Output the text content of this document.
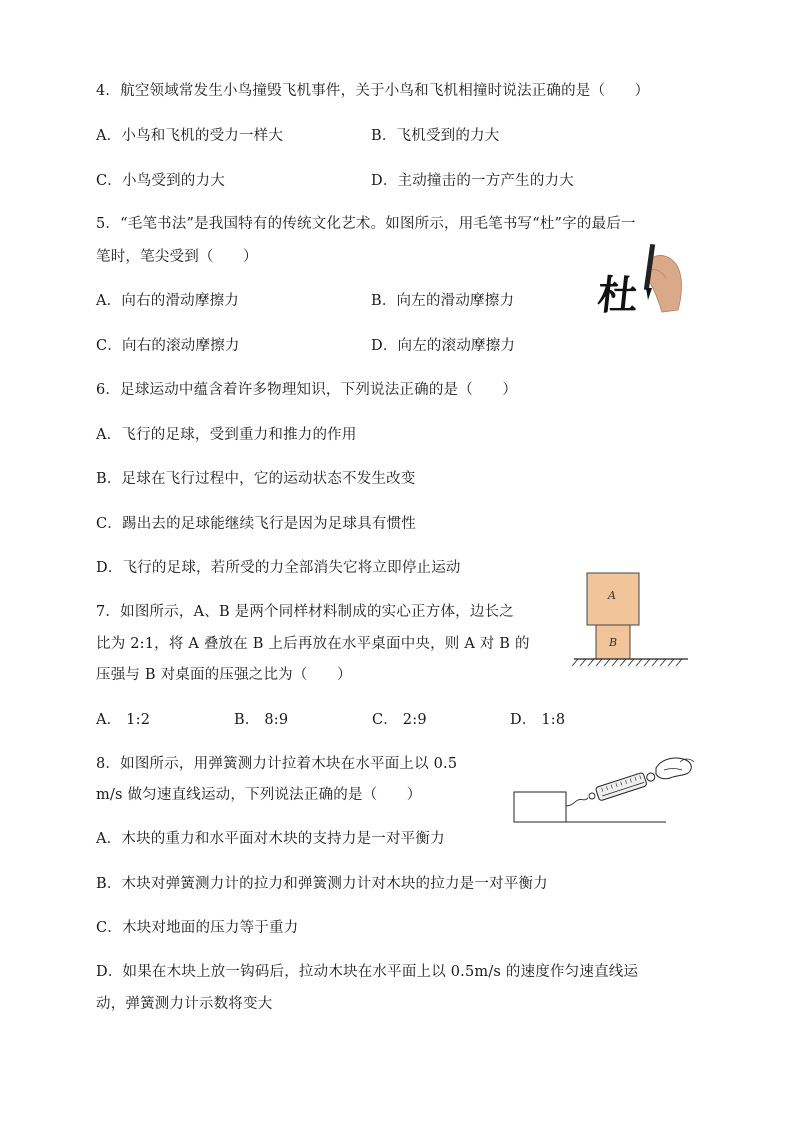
4．航空领域常发生小鸟撞毁飞机事件，关于小鸟和飞机相撞时说法正确的是（　　）
A．小鸟和飞机的受力一样大	B．飞机受到的力大
C．小鸟受到的力大	D．主动撞击的一方产生的力大
5．“毛笔书法”是我国特有的传统文化艺术。如图所示，用毛笔书写“杜”字的最后一
笔时，笔尖受到（　　）
A．向右的滑动摩擦力	B．向左的滑动摩擦力
C．向右的滚动摩擦力	D．向左的滚动摩擦力
杜
6．足球运动中蕴含着许多物理知识，下列说法正确的是（　　）
A．飞行的足球，受到重力和推力的作用
B．足球在飞行过程中，它的运动状态不发生改变
C．踢出去的足球能继续飞行是因为足球具有惯性
D．飞行的足球，若所受的力全部消失它将立即停止运动
7．如图所示，A、B 是两个同样材料制成的实心正方体，边长之
比为 2:1，将 A 叠放在 B 上后再放在水平桌面中央，则 A 对 B 的
压强与 B 对桌面的压强之比为（　　）
A． 1:2	B． 8:9	C． 2:9	D． 1:8
A
B
8．如图所示，用弹簧测力计拉着木块在水平面上以 0.5
m/s 做匀速直线运动，下列说法正确的是（　　）
A．木块的重力和水平面对木块的支持力是一对平衡力
B．木块对弹簧测力计的拉力和弹簧测力计对木块的拉力是一对平衡力
C．木块对地面的压力等于重力
D．如果在木块上放一钩码后，拉动木块在水平面上以 0.5m/s 的速度作匀速直线运
动，弹簧测力计示数将变大
